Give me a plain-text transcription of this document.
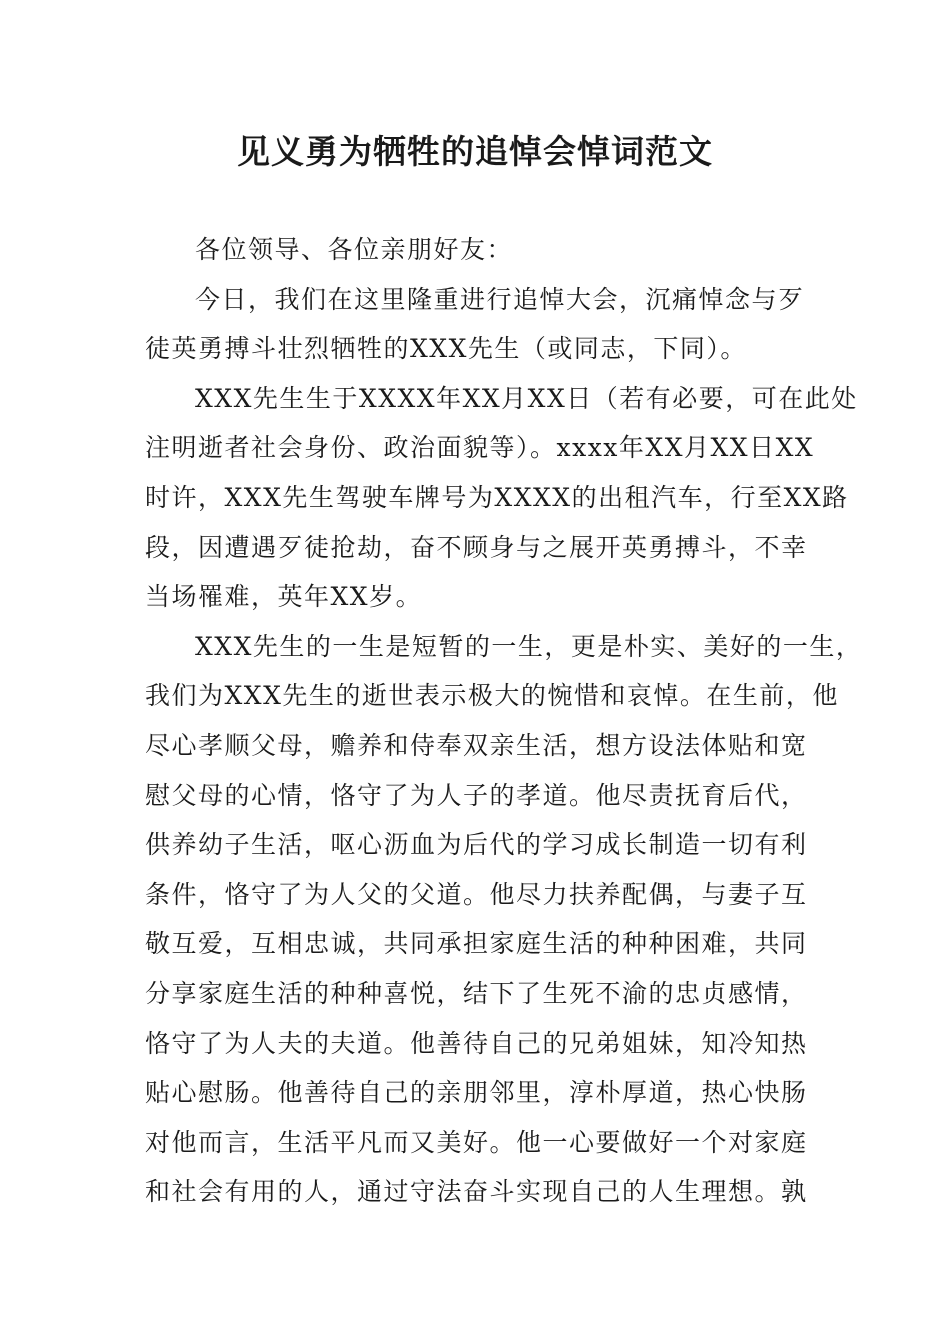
见义勇为牺牲的追悼会悼词范文
各位领导、各位亲朋好友：
今日，我们在这里隆重进行追悼大会，沉痛悼念与歹
徒英勇搏斗壮烈牺牲的XXX先生（或同志，下同）。
XXX先生生于XXXX年XX月XX日（若有必要，可在此处
注明逝者社会身份、政治面貌等）。xxxx年XX月XX日XX
时许，XXX先生驾驶车牌号为XXXX的出租汽车，行至XX路
段，因遭遇歹徒抢劫，奋不顾身与之展开英勇搏斗，不幸
当场罹难，英年XX岁。
XXX先生的一生是短暂的一生，更是朴实、美好的一生，
我们为XXX先生的逝世表示极大的惋惜和哀悼。在生前，他
尽心孝顺父母，赡养和侍奉双亲生活，想方设法体贴和宽
慰父母的心情，恪守了为人子的孝道。他尽责抚育后代，
供养幼子生活，呕心沥血为后代的学习成长制造一切有利
条件，恪守了为人父的父道。他尽力扶养配偶，与妻子互
敬互爱，互相忠诚，共同承担家庭生活的种种困难，共同
分享家庭生活的种种喜悦，结下了生死不渝的忠贞感情，
恪守了为人夫的夫道。他善待自己的兄弟姐妹，知冷知热
贴心慰肠。他善待自己的亲朋邻里，淳朴厚道，热心快肠
对他而言，生活平凡而又美好。他一心要做好一个对家庭
和社会有用的人，通过守法奋斗实现自己的人生理想。孰
